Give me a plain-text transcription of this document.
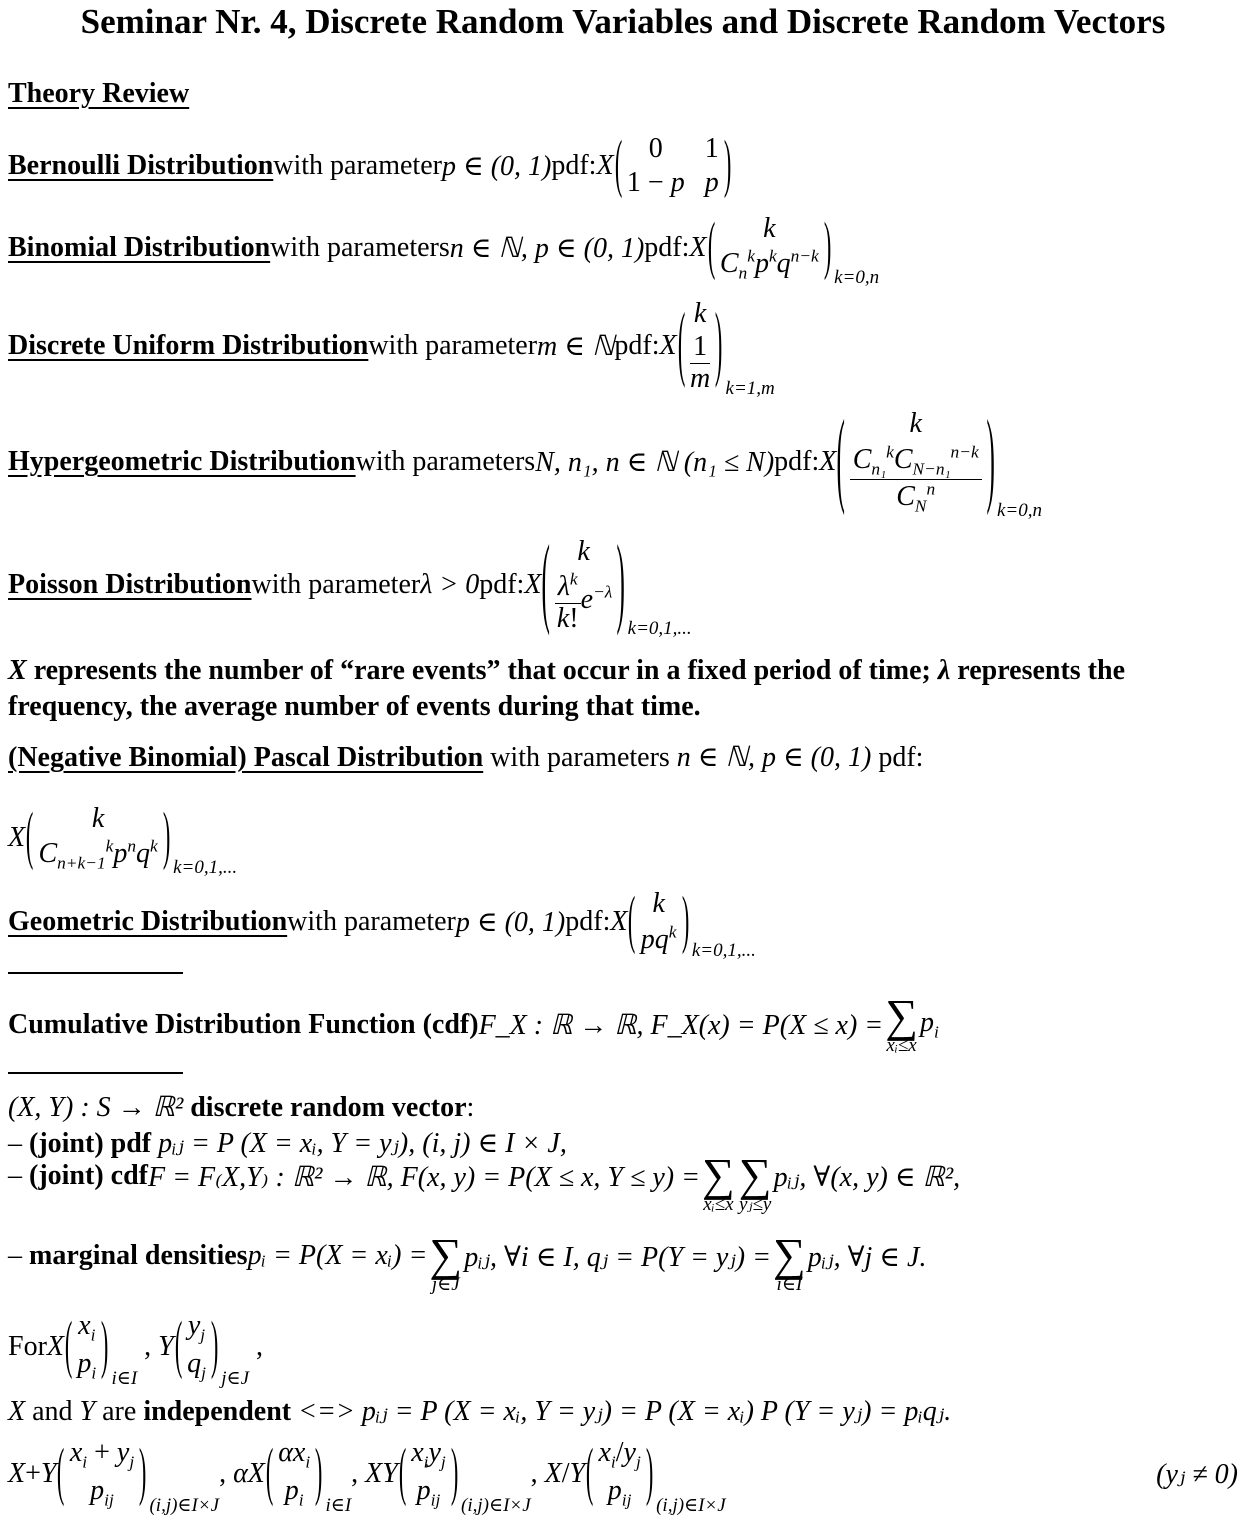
Seminar Nr. 4, Discrete Random Variables and Discrete Random Vectors
Theory Review
Bernoulli Distribution with parameter p ∈ (0, 1) pdf: X ( 0	1
1 − p p )
Binomial Distribution with parameters n ∈ ℕ, p ∈ (0, 1) pdf: X (	k
$C_n^kp^kq^{n-k}$ ) k=0,n
Discrete Uniform Distribution with parameter m ∈ ℕ pdf: X ( k
$\frac{1}{m}$ ) k=1,m
Hypergeometric Distribution with parameters N, n₁, n ∈ ℕ (n₁ ≤ N) pdf: X (	k
$\frac{C_{n_1}^kC_{N-n_1}^{n-k}}{C_N^n}$ ) k=0,n
Poisson Distribution with parameter λ > 0 pdf: X ( k
$\frac{\lambda^k}{k!} e^{-\lambda}$ ) k=0,1,...
X represents the number of “rare events” that occur in a fixed period of time; λ represents the
frequency, the average number of events during that time.
(Negative Binomial) Pascal Distribution with parameters n ∈ ℕ, p ∈ (0, 1) pdf:
X (	k
$C_{n+k-1}^kp^nq^k$ ) k=0,1,...
Geometric Distribution with parameter p ∈ (0, 1) pdf: X ( k
$pq^k$ ) k=0,1,...
Cumulative Distribution Function (cdf) F_X : ℝ → ℝ, F_X(x) = P(X ≤ x) = ∑
xᵢ≤x
$p_i$
(X, Y) : S → ℝ² discrete random vector:
– (joint) pdf pᵢⱼ = P (X = xᵢ, Y = yⱼ), (i, j) ∈ I × J,
–
(joint) cdf F = F₍X,Y₎ : ℝ² → ℝ, F(x, y) = P(X ≤ x, Y ≤ y) = ∑
xᵢ≤x
∑
yⱼ≤y
pᵢⱼ, ∀(x, y) ∈ ℝ²,
–
marginal densities pᵢ = P(X = xᵢ) = ∑
j∈J
pᵢⱼ, ∀i ∈ I, qⱼ = P(Y = yⱼ) = ∑
i∈I
pᵢⱼ, ∀j ∈ J.
For X ( $x_i$
$p_i$ ) i∈I
, Y ( $y_j$
$q_j$ ) j∈J
,
X and Y are independent <=> pᵢⱼ = P (X = xᵢ, Y = yⱼ) = P (X = xᵢ) P (Y = yⱼ) = pᵢqⱼ.
X + Y ( $x_i + y_j$
$p_{ij}$ ) (i,j)∈I×J
, αX ( $\alpha x_i$
$p_i$ ) i∈I
, XY ( $x_iy_j$
$p_{ij}$ ) (i,j)∈I×J
, X / Y ( $x_i/y_j$
$p_{ij}$ ) (i,j)∈I×J
(yⱼ ≠ 0)
